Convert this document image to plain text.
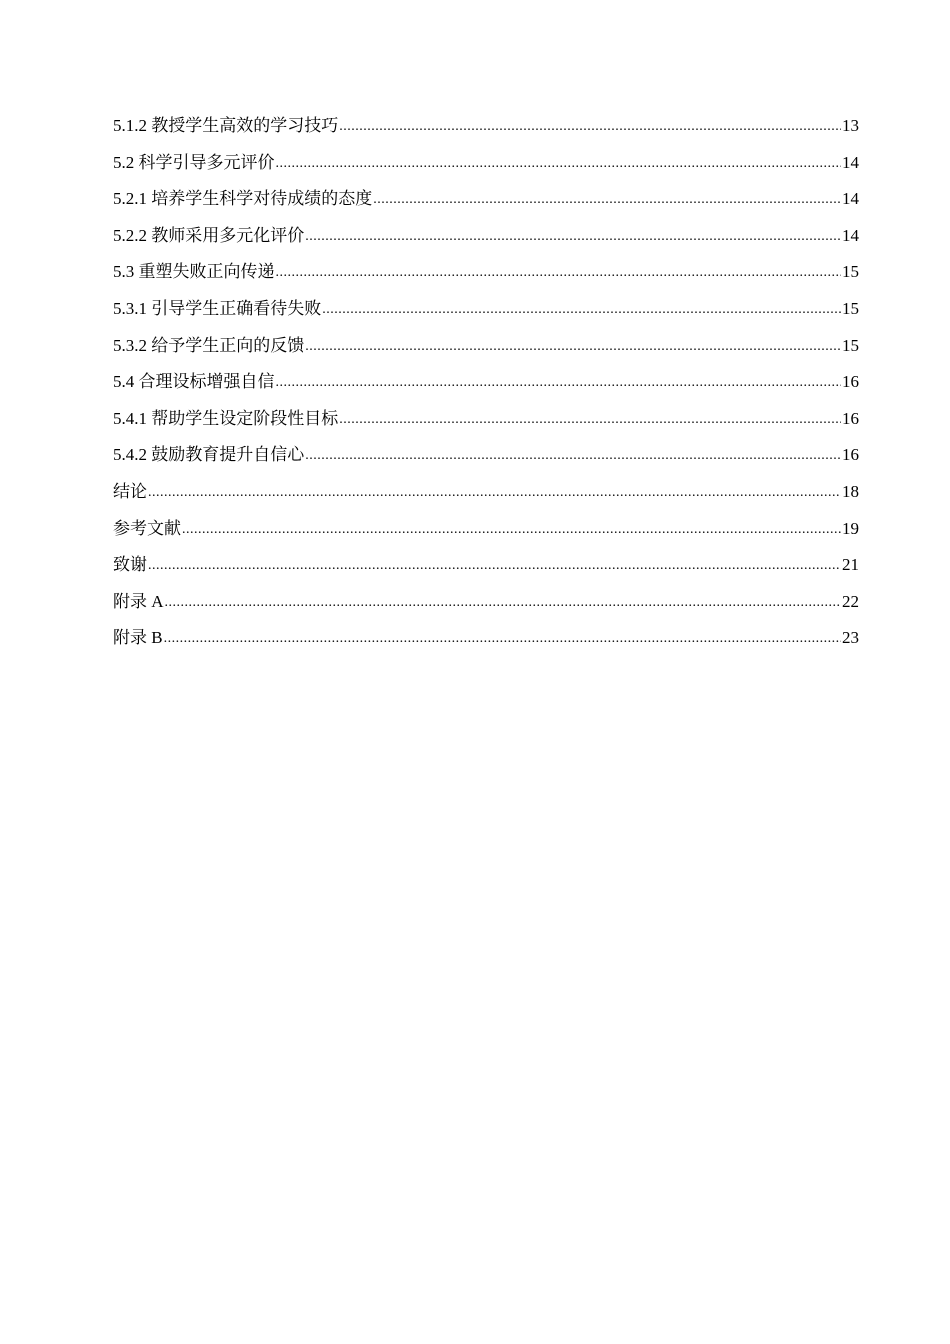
5.1.2 教授学生高效的学习技巧 .....	13
5.2 科学引导多元评价 .....	14
5.2.1 培养学生科学对待成绩的态度 .....	14
5.2.2 教师采用多元化评价 .....	14
5.3 重塑失败正向传递 .....	15
5.3.1 引导学生正确看待失败 .....	15
5.3.2 给予学生正向的反馈 .....	15
5.4 合理设标增强自信 .....	16
5.4.1 帮助学生设定阶段性目标 .....	16
5.4.2 鼓励教育提升自信心 .....	16
结论 .....	18
参考文献 .....	19
致谢 .....	21
附录 A .....	22
附录 B .....	23
